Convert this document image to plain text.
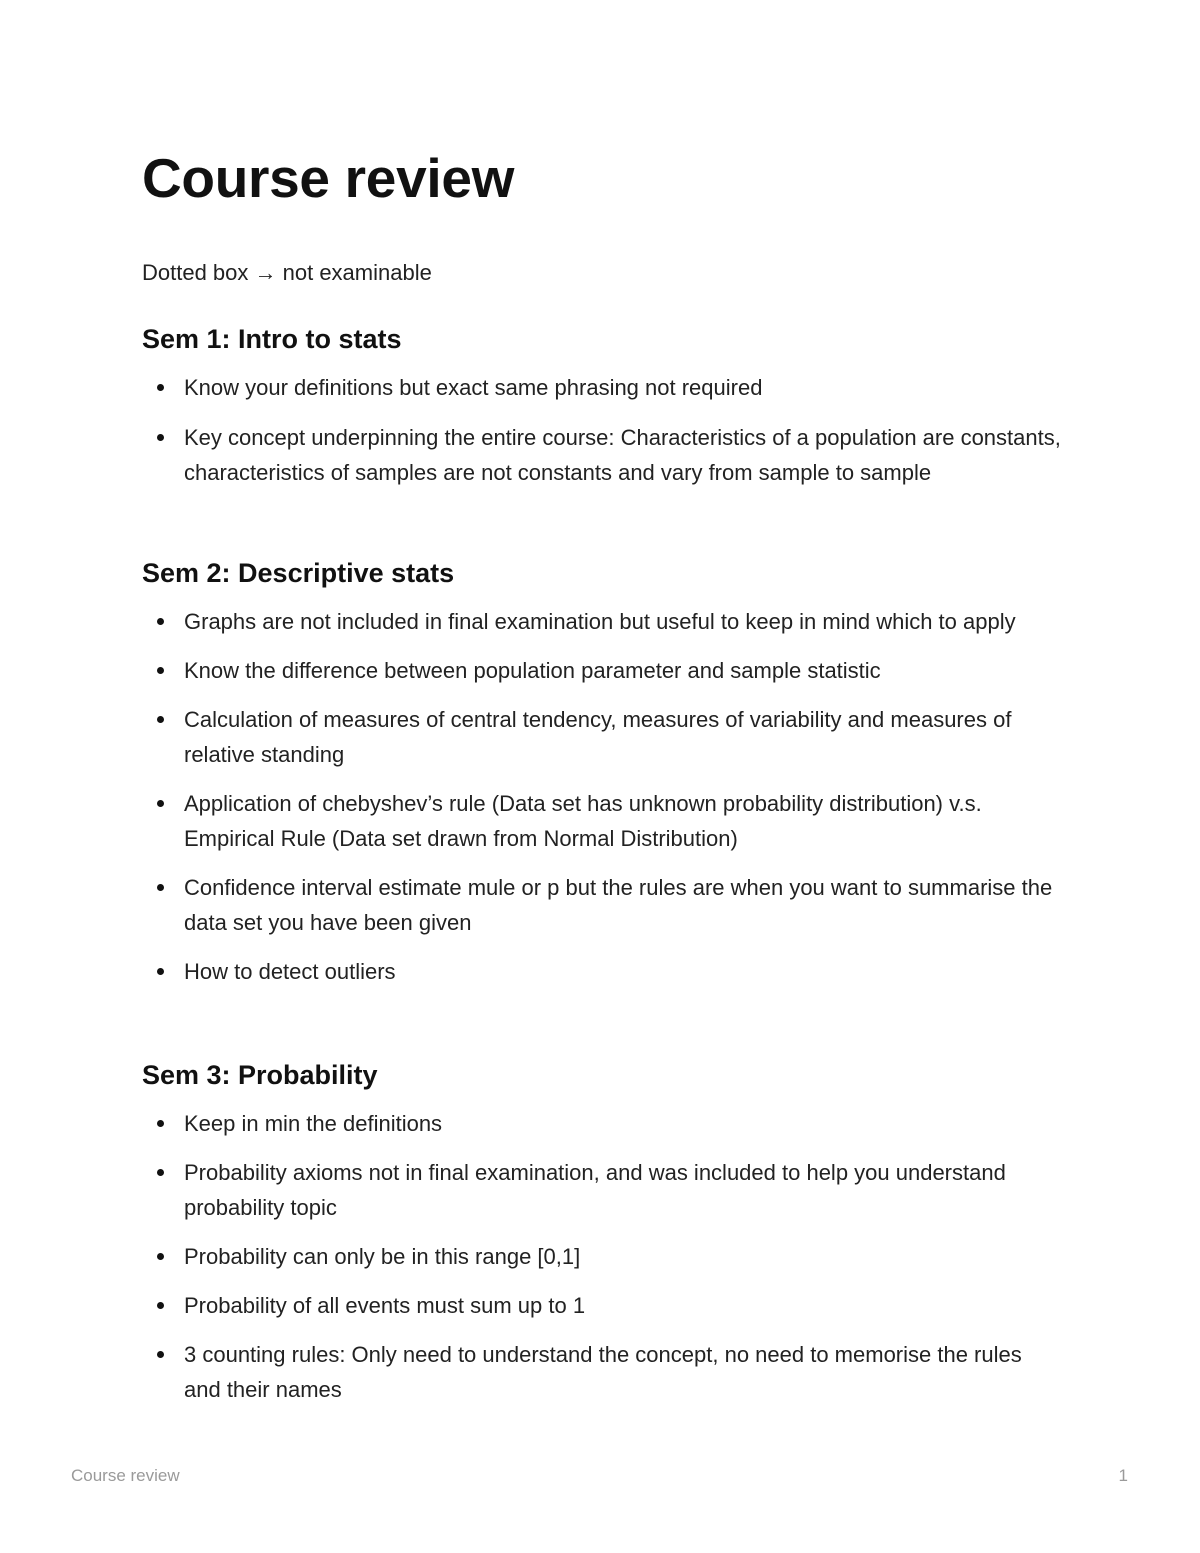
Course review
Dotted box → not examinable
Sem 1: Intro to stats
Know your definitions but exact same phrasing not required
Key concept underpinning the entire course: Characteristics of a population are constants, characteristics of samples are not constants and vary from sample to sample
Sem 2: Descriptive stats
Graphs are not included in final examination but useful to keep in mind which to apply
Know the difference between population parameter and sample statistic
Calculation of measures of central tendency, measures of variability and measures of relative standing
Application of chebyshev’s rule (Data set has unknown probability distribution) v.s. Empirical Rule (Data set drawn from Normal Distribution)
Confidence interval estimate mule or p but the rules are when you want to summarise the data set you have been given
How to detect outliers
Sem 3: Probability
Keep in min the definitions
Probability axioms not in final examination, and was included to help you understand probability topic
Probability can only be in this range [0,1]
Probability of all events must sum up to 1
3 counting rules: Only need to understand the concept, no need to memorise the rules and their names
Course review	1
